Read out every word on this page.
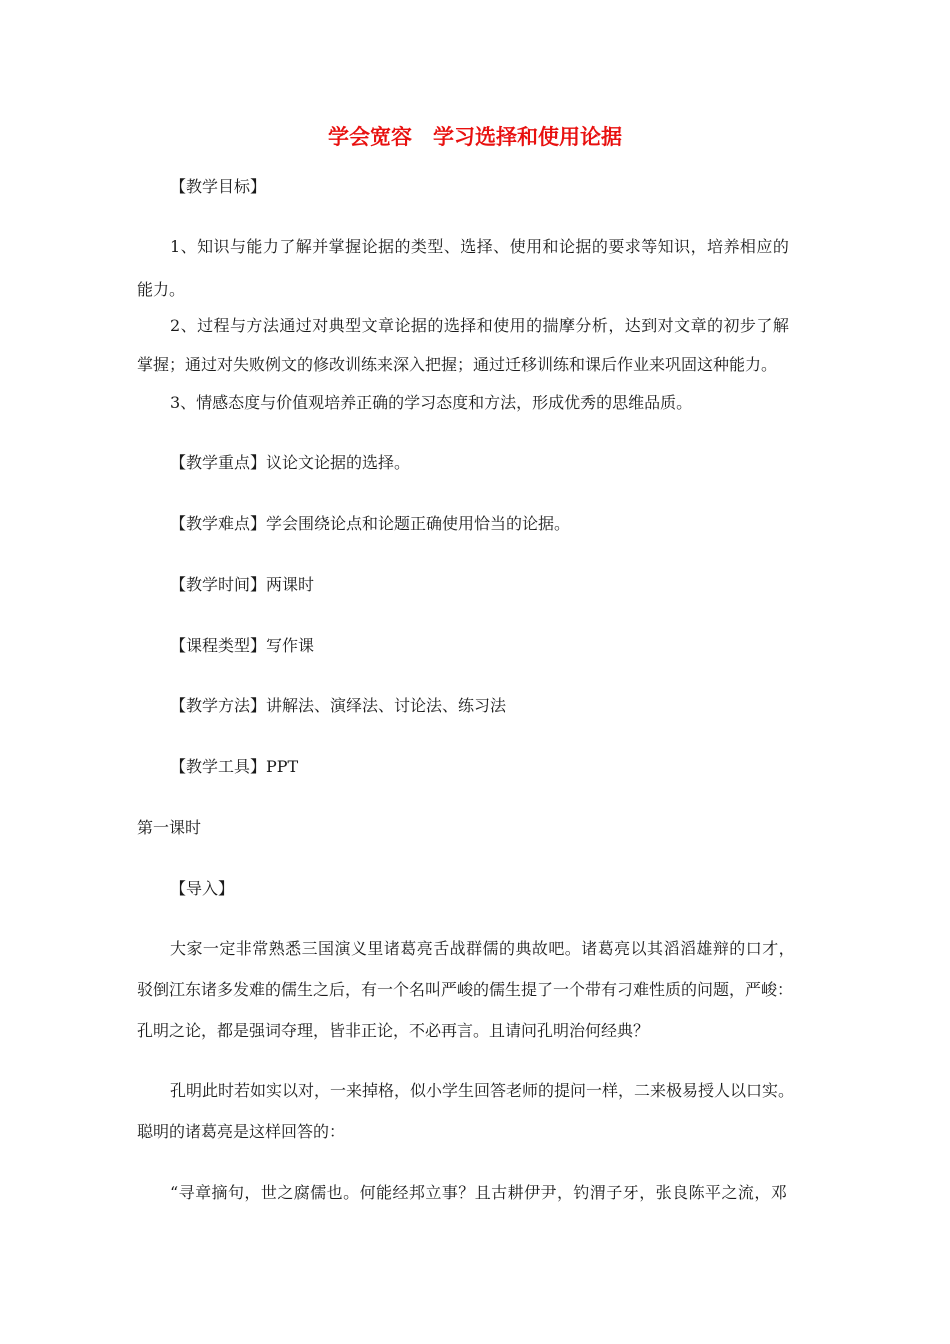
学会宽容　学习选择和使用论据
【教学目标】
1、知识与能力了解并掌握论据的类型、选择、使用和论据的要求等知识，培养相应的
能力。
2、过程与方法通过对典型文章论据的选择和使用的揣摩分析，达到对文章的初步了解
掌握；通过对失败例文的修改训练来深入把握；通过迁移训练和课后作业来巩固这种能力。
3、情感态度与价值观培养正确的学习态度和方法，形成优秀的思维品质。
【教学重点】议论文论据的选择。
【教学难点】学会围绕论点和论题正确使用恰当的论据。
【教学时间】两课时
【课程类型】写作课
【教学方法】讲解法、演绎法、讨论法、练习法
【教学工具】PPT
第一课时
【导入】
大家一定非常熟悉三国演义里诸葛亮舌战群儒的典故吧。诸葛亮以其滔滔雄辩的口才，
驳倒江东诸多发难的儒生之后，有一个名叫严峻的儒生提了一个带有刁难性质的问题，严峻：
孔明之论，都是强词夺理，皆非正论，不必再言。且请问孔明治何经典？
孔明此时若如实以对，一来掉格，似小学生回答老师的提问一样，二来极易授人以口实。
聪明的诸葛亮是这样回答的：
“寻章摘句，世之腐儒也。何能经邦立事？且古耕伊尹，钓渭子牙，张良陈平之流，邓
